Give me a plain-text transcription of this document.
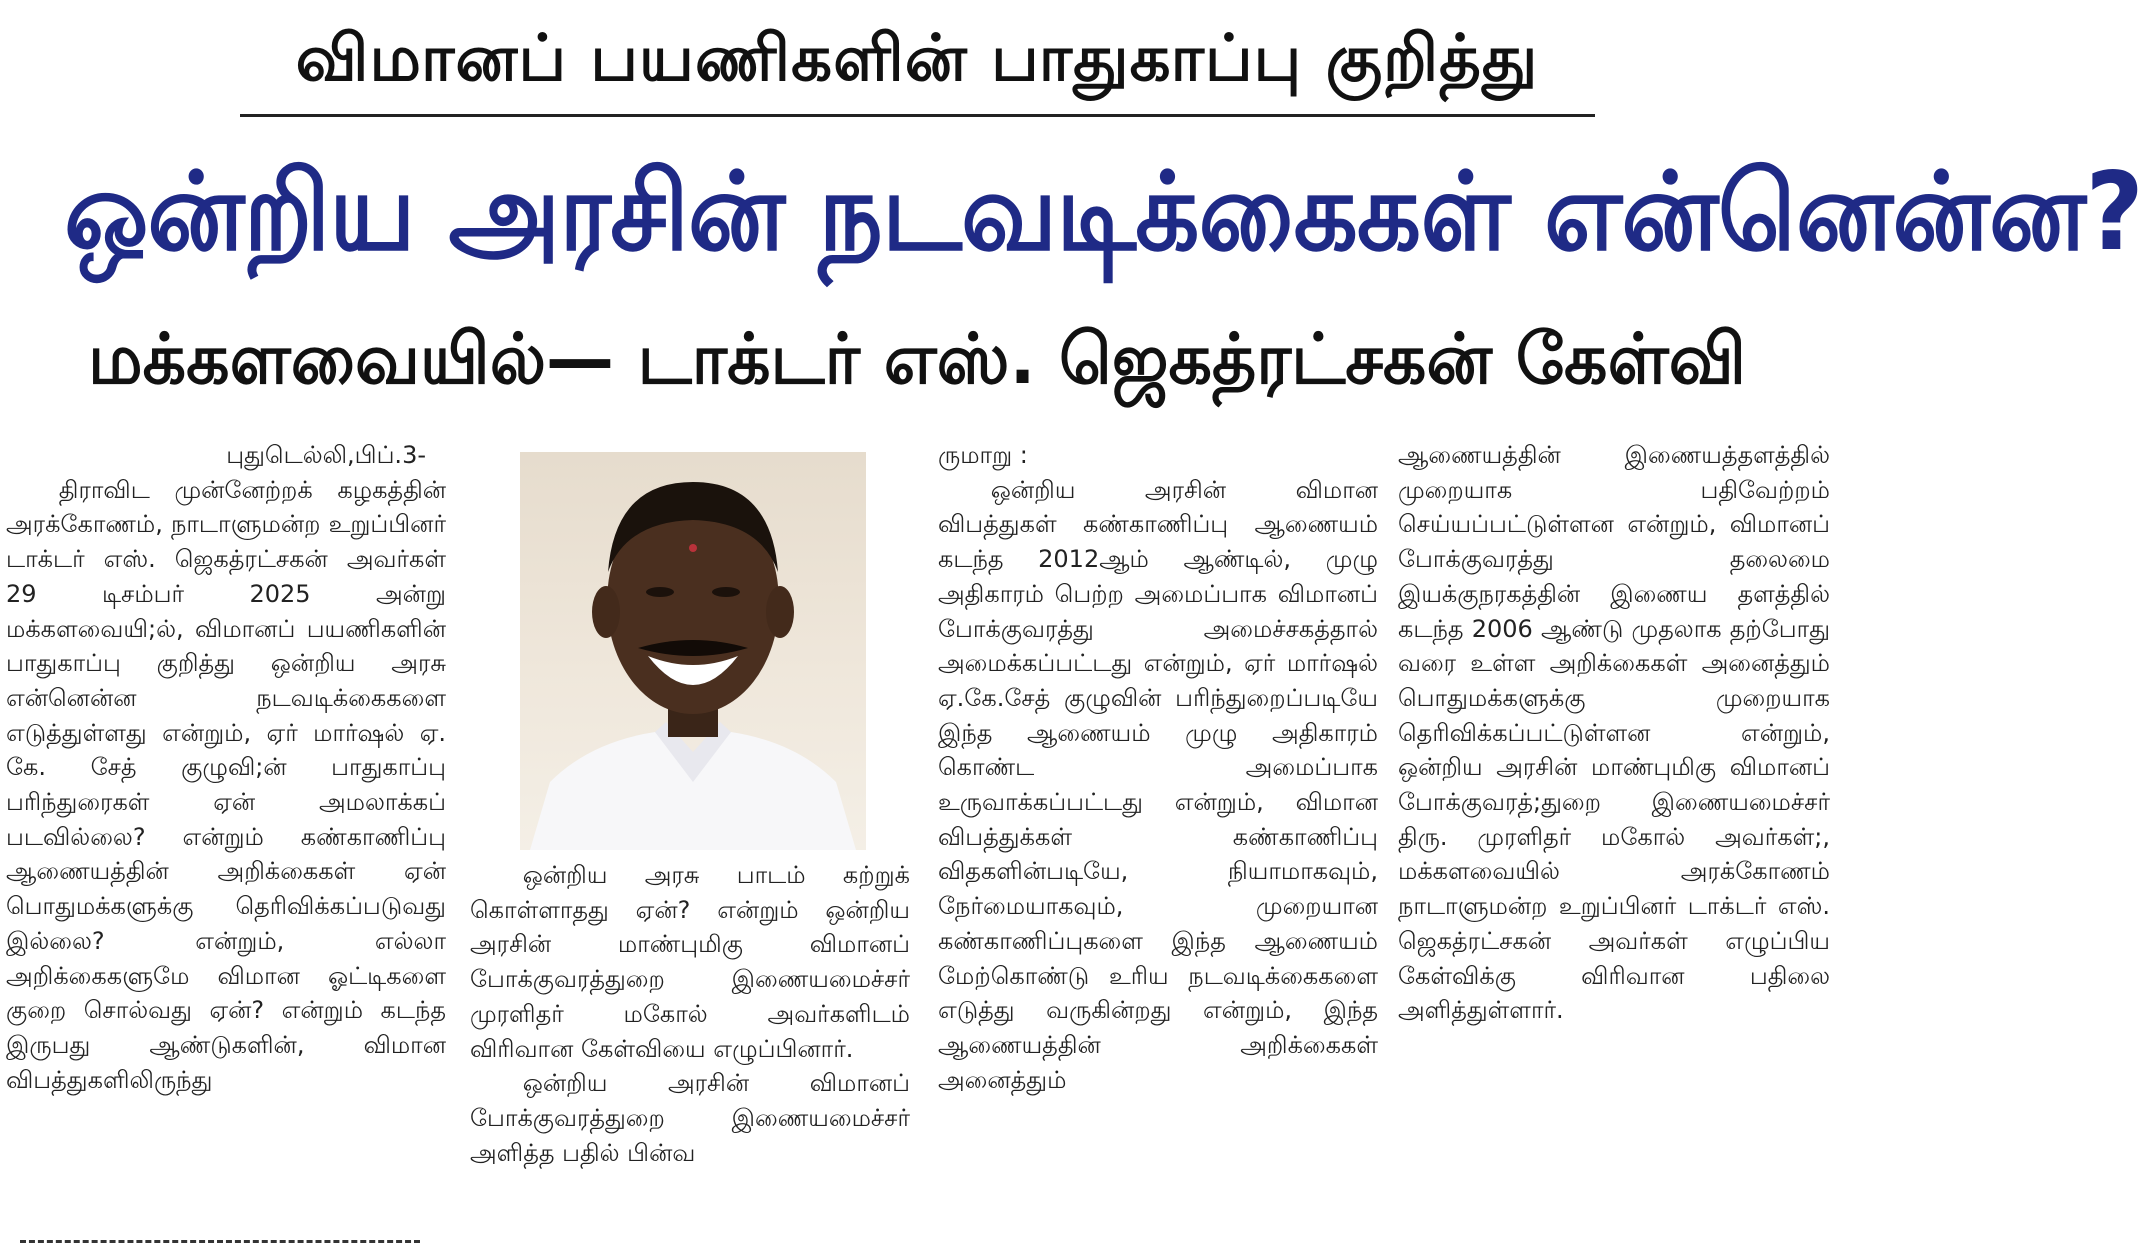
விமானப் பயணிகளின் பாதுகாப்பு குறித்து
ஒன்றிய அரசின் நடவடிக்கைகள் என்னென்ன?
மக்களவையில்— டாக்டர் எஸ். ஜெகத்ரட்சகன் கேள்வி

புதுடெல்லி,பிப்.3-

திராவிட முன்னேற்றக் கழகத்தின் அரக்கோணம், நாடாளுமன்ற உறுப்பினர் டாக்டர் எஸ். ஜெகத்ரட்சகன் அவர்கள் 29 டிசம்பர் 2025 அன்று மக்களவையி;ல், விமானப் பயணிகளின் பாதுகாப்பு குறித்து ஒன்றிய அரசு என்னென்ன நடவடிக்கைகளை எடுத்துள்ளது என்றும், ஏர் மார்ஷல் ஏ. கே. சேத் குழுவி;ன் பாதுகாப்பு பரிந்துரைகள் ஏன் அமலாக்கப் படவில்லை? என்றும் கண்காணிப்பு ஆணையத்தின் அறிக்கைகள் ஏன் பொதுமக்களுக்கு தெரிவிக்கப்படுவது இல்லை? என்றும், எல்லா அறிக்கைகளுமே விமான ஓட்டிகளை குறை சொல்வது ஏன்? என்றும் கடந்த இருபது ஆண்டுகளின், விமான விபத்துகளிலிருந்து

ஒன்றிய அரசு பாடம் கற்றுக் கொள்ளாதது ஏன்? என்றும் ஒன்றிய அரசின் மாண்புமிகு விமானப் போக்குவரத்துறை இணையமைச்சர் முரளிதர் மகோல் அவர்களிடம் விரிவான கேள்வியை எழுப்பினார்.

ஒன்றிய அரசின் விமானப் போக்குவரத்துறை இணையமைச்சர் அளித்த பதில் பின்வ

ருமாறு :

ஒன்றிய அரசின் விமான விபத்துகள் கண்காணிப்பு ஆணையம் கடந்த 2012ஆம் ஆண்டில், முழு அதிகாரம் பெற்ற அமைப்பாக விமானப் போக்குவரத்து அமைச்சகத்தால் அமைக்கப்பட்டது என்றும், ஏர் மார்ஷல் ஏ.கே.சேத் குழுவின் பரிந்துறைப்படியே இந்த ஆணையம் முழு அதிகாரம் கொண்ட அமைப்பாக உருவாக்கப்பட்டது என்றும், விமான விபத்துக்கள் கண்காணிப்பு விதகளின்படியே, நியாமாகவும், நேர்மையாகவும், முறையான கண்காணிப்புகளை இந்த ஆணையம் மேற்கொண்டு உரிய நடவடிக்கைகளை எடுத்து வருகின்றது என்றும், இந்த ஆணையத்தின் அறிக்கைகள் அனைத்தும்

ஆணையத்தின் இணையத்தளத்தில் முறையாக பதிவேற்றம் செய்யப்பட்டுள்ளன என்றும், விமானப் போக்குவரத்து தலைமை இயக்குநரகத்தின் இணைய தளத்தில் கடந்த 2006 ஆண்டு முதலாக தற்போது வரை உள்ள அறிக்கைகள் அனைத்தும் பொதுமக்களுக்கு முறையாக தெரிவிக்கப்பட்டுள்ளன என்றும், ஒன்றிய அரசின் மாண்புமிகு விமானப் போக்குவரத்;துறை இணையமைச்சர் திரு. முரளிதர் மகோல் அவர்கள்;, மக்களவையில் அரக்கோணம் நாடாளுமன்ற உறுப்பினர் டாக்டர் எஸ். ஜெகத்ரட்சகன் அவர்கள் எழுப்பிய கேள்விக்கு விரிவான பதிலை அளித்துள்ளார்.
